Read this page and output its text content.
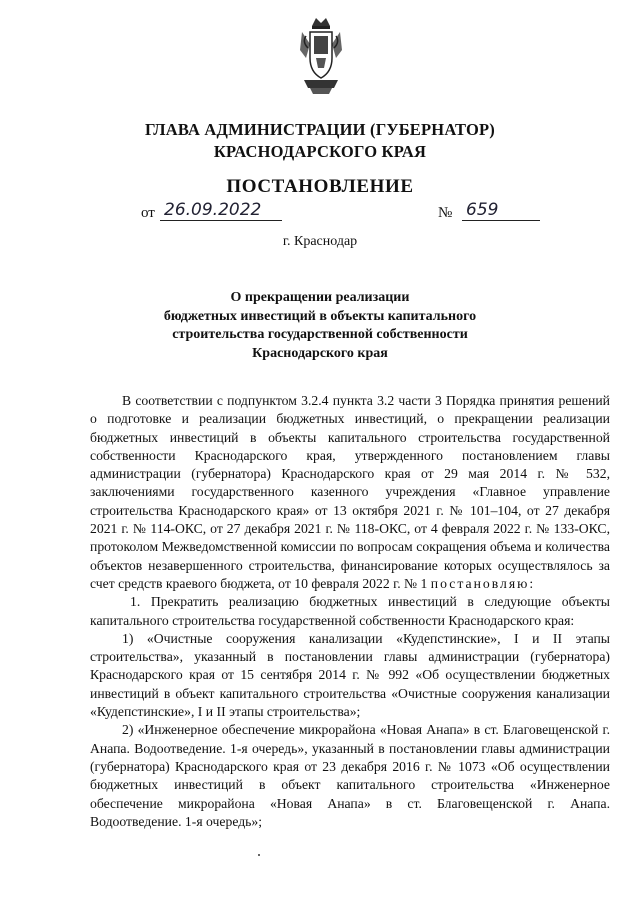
ГЛАВА АДМИНИСТРАЦИИ (ГУБЕРНАТОР)
КРАСНОДАРСКОГО КРАЯ
ПОСТАНОВЛЕНИЕ
от 26.09.2022	№ 659
г. Краснодар
О прекращении реализации
бюджетных инвестиций в объекты капитального
строительства государственной собственности
Краснодарского края

В соответствии с подпунктом 3.2.4 пункта 3.2 части 3 Порядка принятия решений о подготовке и реализации бюджетных инвестиций, о прекращении реализации бюджетных инвестиций в объекты капитального строительства государственной собственности Краснодарского края, утвержденного постановлением главы администрации (губернатора) Краснодарского края от 29 мая 2014 г. № 532, заключениями государственного казенного учреждения «Главное управление строительства Краснодарского края» от 13 октября 2021 г. № 101–104, от 27 декабря 2021 г. № 114-ОКС, от 27 декабря 2021 г. № 118-ОКС, от 4 февраля 2022 г. № 133-ОКС, протоколом Межведомственной комиссии по вопросам сокращения объема и количества объектов незавершенного строительства, финансирование которых осуществлялось за счет средств краевого бюджета, от 10 февраля 2022 г. № 1 постановляю:

1. Прекратить реализацию бюджетных инвестиций в следующие объекты капитального строительства государственной собственности Краснодарского края:

1) «Очистные сооружения канализации «Кудепстинские», I и II этапы строительства», указанный в постановлении главы администрации (губернатора) Краснодарского края от 15 сентября 2014 г. № 992 «Об осуществлении бюджетных инвестиций в объект капитального строительства «Очистные сооружения канализации «Кудепстинские», I и II этапы строительства»;

2) «Инженерное обеспечение микрорайона «Новая Анапа» в ст. Благовещенской г. Анапа. Водоотведение. 1-я очередь», указанный в постановлении главы администрации (губернатора) Краснодарского края от 23 декабря 2016 г. № 1073 «Об осуществлении бюджетных инвестиций в объект капитального строительства «Инженерное обеспечение микрорайона «Новая Анапа» в ст. Благовещенской г. Анапа. Водоотведение. 1-я очередь»;
